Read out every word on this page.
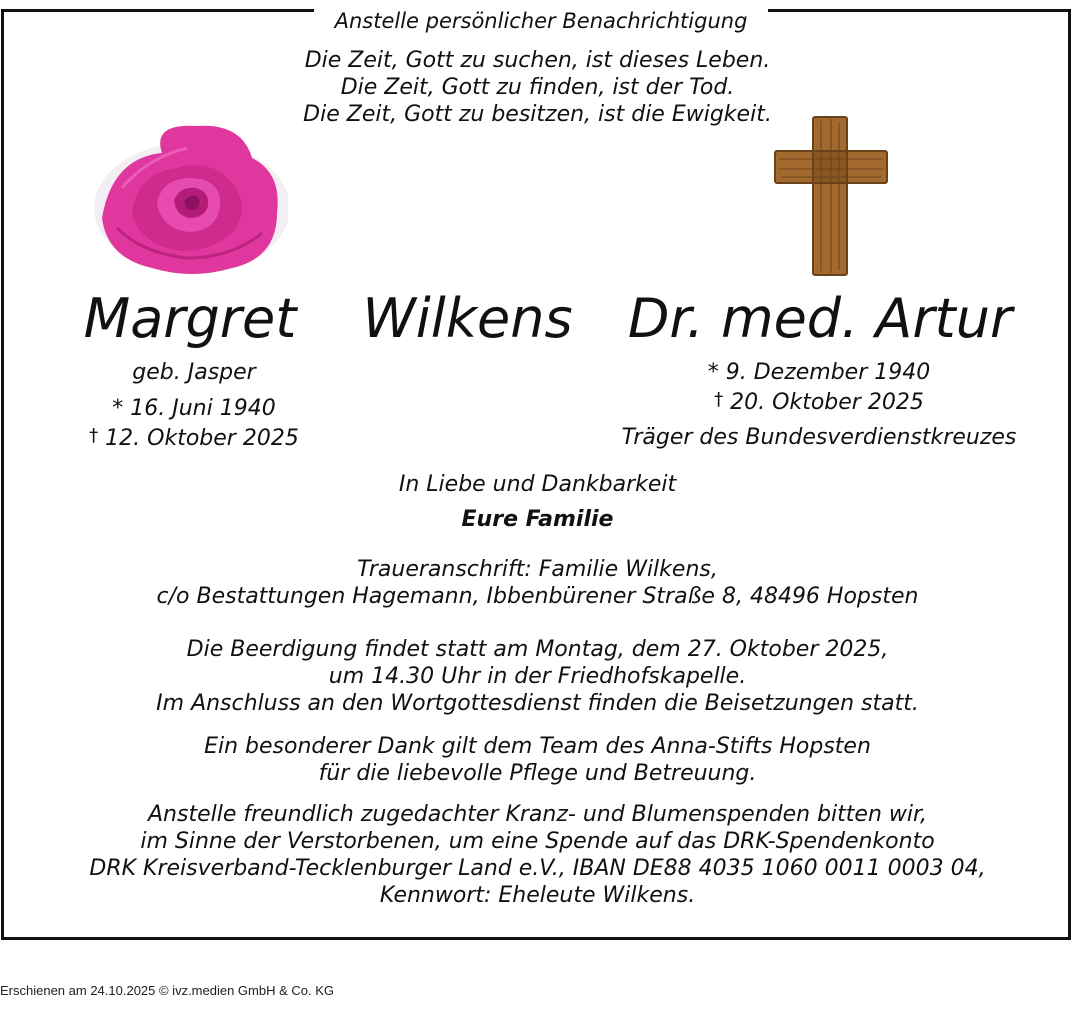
Anstelle persönlicher Benachrichtigung
Die Zeit, Gott zu suchen, ist dieses Leben.
Die Zeit, Gott zu finden, ist der Tod.
Die Zeit, Gott zu besitzen, ist die Ewigkeit.
Margret	Wilkens	Dr. med. Artur
geb. Jasper
* 16. Juni 1940
† 12. Oktober 2025
* 9. Dezember 1940
† 20. Oktober 2025
Träger des Bundesverdienstkreuzes
In Liebe und Dankbarkeit
Eure Familie
Traueranschrift: Familie Wilkens,
c/o Bestattungen Hagemann, Ibbenbürener Straße 8, 48496 Hopsten
Die Beerdigung findet statt am Montag, dem 27. Oktober 2025,
um 14.30 Uhr in der Friedhofskapelle.
Im Anschluss an den Wortgottesdienst finden die Beisetzungen statt.
Ein besonderer Dank gilt dem Team des Anna-Stifts Hopsten
für die liebevolle Pflege und Betreuung.
Anstelle freundlich zugedachter Kranz- und Blumenspenden bitten wir,
im Sinne der Verstorbenen, um eine Spende auf das DRK-Spendenkonto
DRK Kreisverband-Tecklenburger Land e.V., IBAN DE88 4035 1060 0011 0003 04,
Kennwort: Eheleute Wilkens.
Erschienen am 24.10.2025 © ivz.medien GmbH & Co. KG
